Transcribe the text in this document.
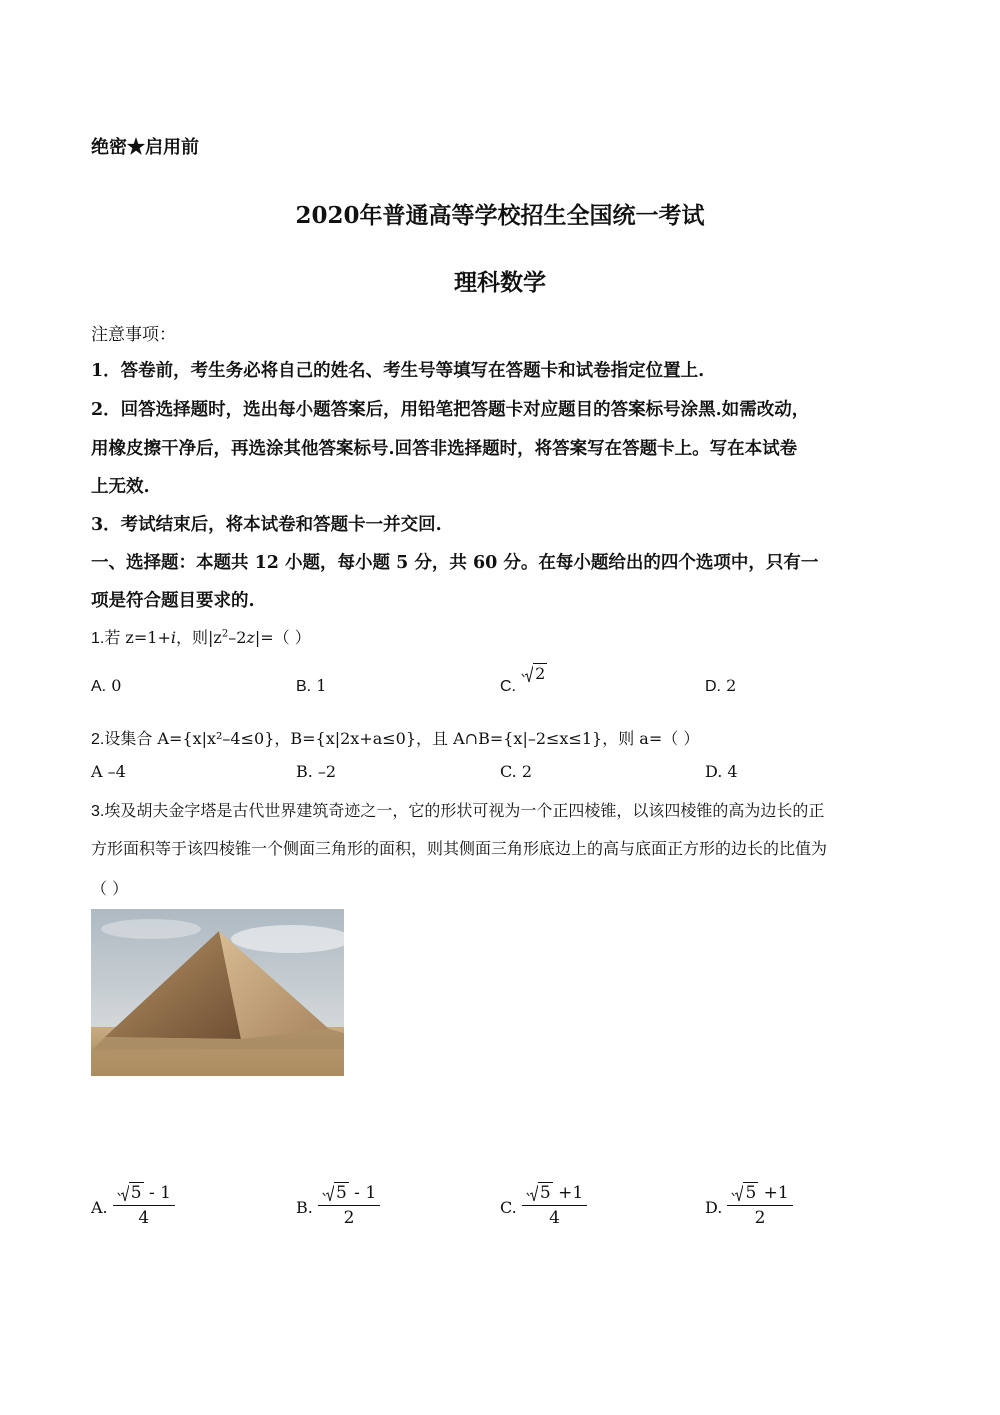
绝密★启用前
2020年普通高等学校招生全国统一考试
理科数学
注意事项：
1．答卷前，考生务必将自己的姓名、考生号等填写在答题卡和试卷指定位置上.
2．回答选择题时，选出每小题答案后，用铅笔把答题卡对应题目的答案标号涂黑.如需改动，
用橡皮擦干净后，再选涂其他答案标号.回答非选择题时，将答案写在答题卡上。写在本试卷
上无效.
3．考试结束后，将本试卷和答题卡一并交回.
一、选择题：本题共 12 小题，每小题 5 分，共 60 分。在每小题给出的四个选项中，只有一
项是符合题目要求的.
1.若 z=1+i，则$|z^2-2z|=$（ ）
A. 0	B. 1	C.
2
D. 2
2.设集合 A={x|x²–4≤0}，B={x|2x+a≤0}，且 A∩B={x|–2≤x≤1}，则 a=（ ）
A –4	B. –2	C. 2	D. 4
3.埃及胡夫金字塔是古代世界建筑奇迹之一，它的形状可视为一个正四棱锥，以该四棱锥的高为边长的正
方形面积等于该四棱锥一个侧面三角形的面积，则其侧面三角形底边上的高与底面正方形的边长的比值为
（ ）
A. $\frac{5 - 1}{4}$	B. $\frac{5 - 1}{2}$	C. $\frac{5 +1}{4}$	D. $\frac{5 +1}{2}$
